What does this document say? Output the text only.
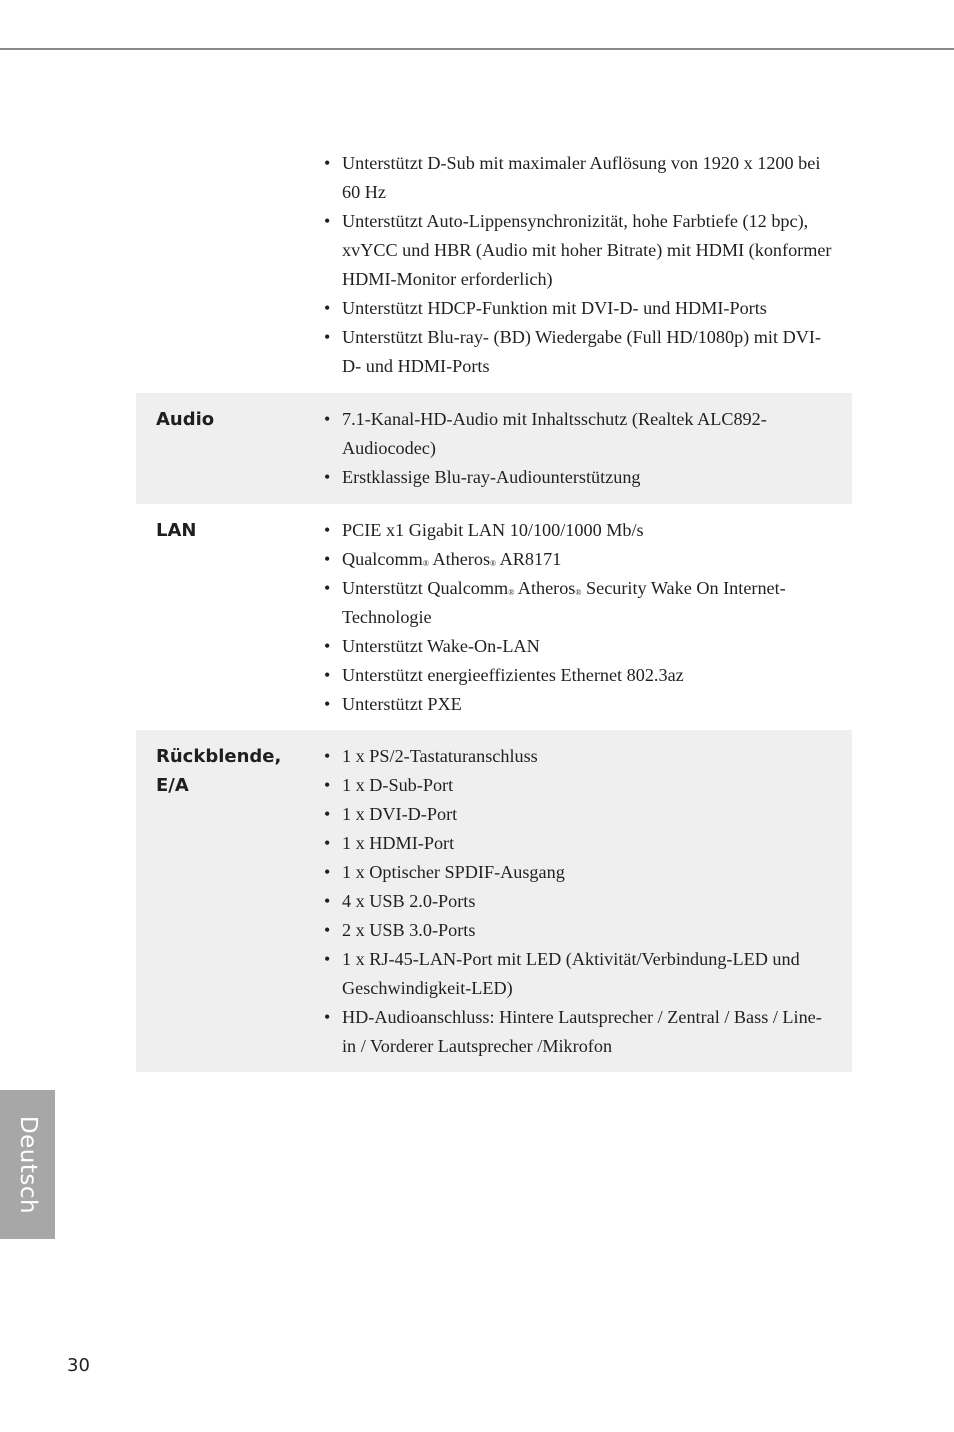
• Unterstützt D-Sub mit maximaler Auflösung von 1920 x 1200 bei 60 Hz
• Unterstützt Auto-Lippensynchronizität, hohe Farbtiefe (12 bpc), xvYCC und HBR (Audio mit hoher Bitrate) mit HDMI (konformer HDMI-Monitor erforderlich)
• Unterstützt HDCP-Funktion mit DVI-D- und HDMI-Ports
• Unterstützt Blu-ray- (BD) Wiedergabe (Full HD/1080p) mit DVI-D- und HDMI-Ports
Audio	• 7.1-Kanal-HD-Audio mit Inhaltsschutz (Realtek ALC892-Audiocodec)
• Erstklassige Blu-ray-Audiounterstützung
LAN	• PCIE x1 Gigabit LAN 10/100/1000 Mb/s
• Qualcomm® Atheros® AR8171
• Unterstützt Qualcomm® Atheros® Security Wake On Internet-Technologie
• Unterstützt Wake-On-LAN
• Unterstützt energieeffizientes Ethernet 802.3az
• Unterstützt PXE
Rückblende, E/A
• 1 x PS/2-Tastaturanschluss
• 1 x D-Sub-Port
• 1 x DVI-D-Port
• 1 x HDMI-Port
• 1 x Optischer SPDIF-Ausgang
• 4 x USB 2.0-Ports
• 2 x USB 3.0-Ports
• 1 x RJ-45-LAN-Port mit LED (Aktivität/Verbindung-LED und Geschwindigkeit-LED)
• HD-Audioanschluss: Hintere Lautsprecher / Zentral / Bass / Line-in / Vorderer Lautsprecher /Mikrofon
Deutsch
30
